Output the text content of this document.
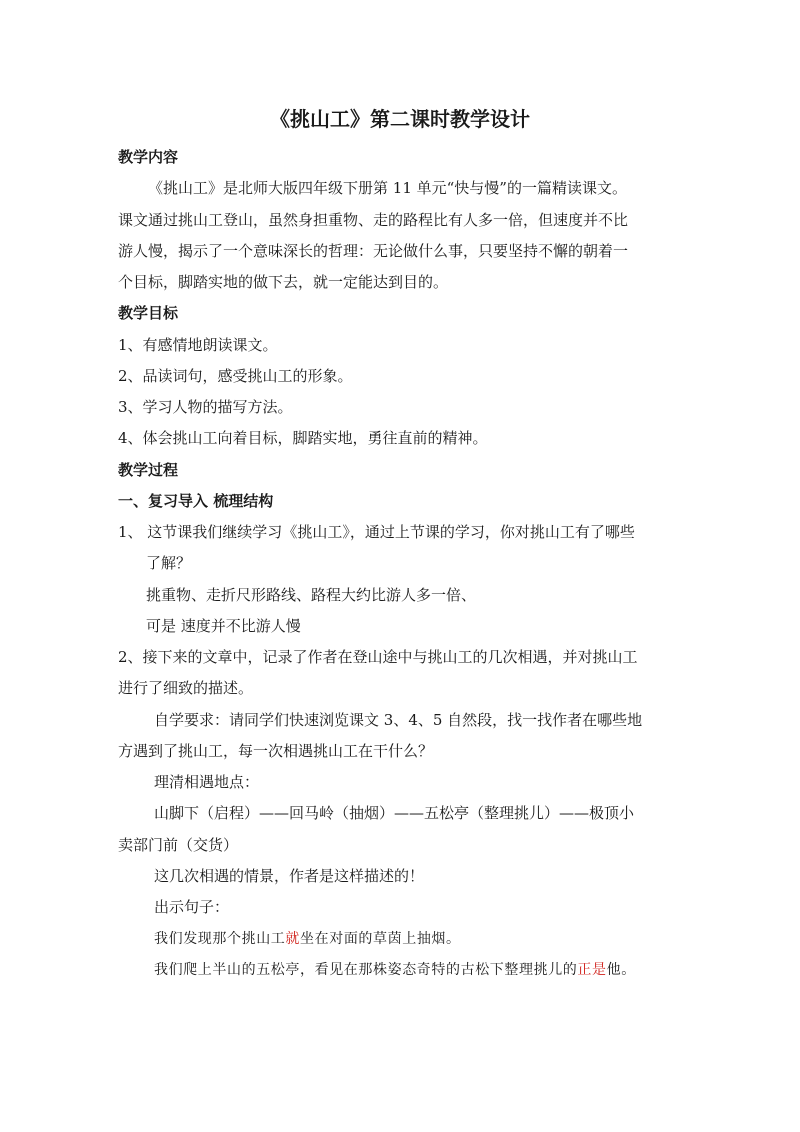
《挑山工》第二课时教学设计
教学内容
《挑山工》是北师大版四年级下册第 11 单元“快与慢”的一篇精读课文。
课文通过挑山工登山，虽然身担重物、走的路程比有人多一倍，但速度并不比
游人慢，揭示了一个意味深长的哲理：无论做什么事，只要坚持不懈的朝着一
个目标，脚踏实地的做下去，就一定能达到目的。
教学目标
1、有感情地朗读课文。
2、品读词句，感受挑山工的形象。
3、学习人物的描写方法。
4、体会挑山工向着目标，脚踏实地，勇往直前的精神。
教学过程
一、复习导入 梳理结构
1、 这节课我们继续学习《挑山工》，通过上节课的学习，你对挑山工有了哪些
了解？
挑重物、走折尺形路线、路程大约比游人多一倍、
可是 速度并不比游人慢
2、接下来的文章中，记录了作者在登山途中与挑山工的几次相遇，并对挑山工
进行了细致的描述。
自学要求：请同学们快速浏览课文 3、4、5 自然段，找一找作者在哪些地
方遇到了挑山工，每一次相遇挑山工在干什么？
理清相遇地点：
山脚下（启程）——回马岭（抽烟）——五松亭（整理挑儿）——极顶小
卖部门前（交货）
这几次相遇的情景，作者是这样描述的！
出示句子：
我们发现那个挑山工就坐在对面的草茵上抽烟。
我们爬上半山的五松亭，看见在那株姿态奇特的古松下整理挑儿的正是他。
